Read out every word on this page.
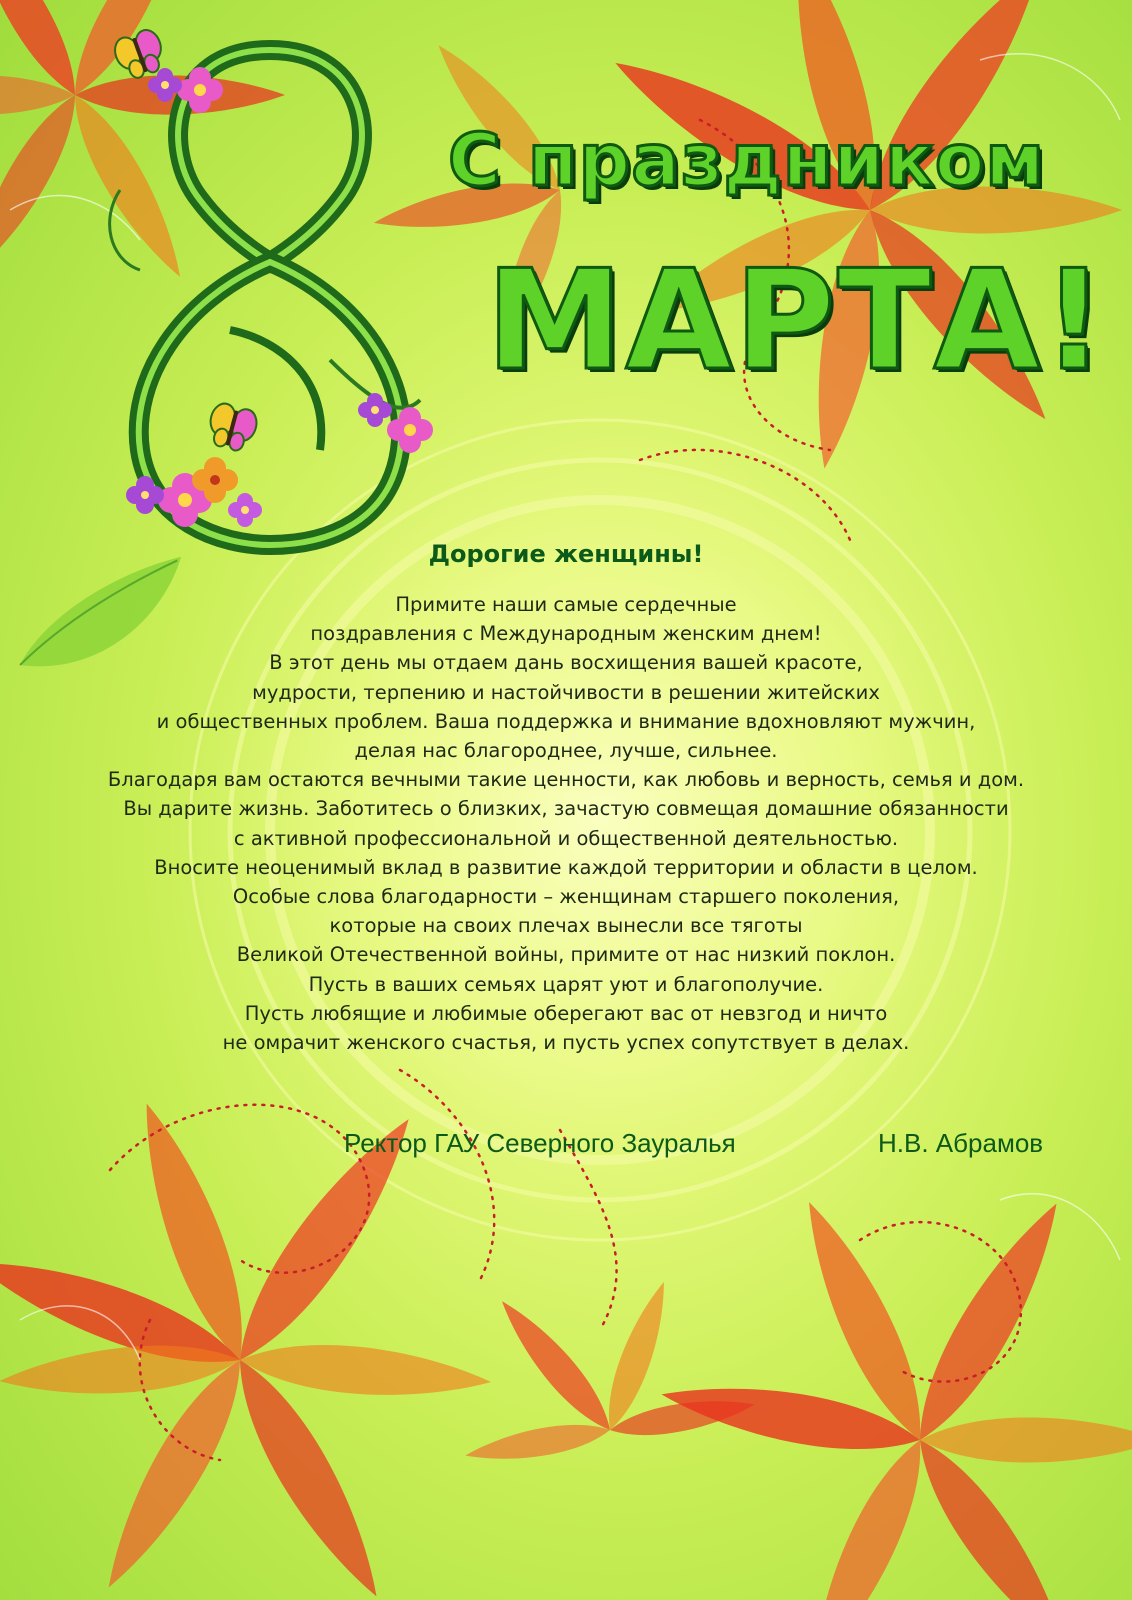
С праздником
МАРТА!
Дорогие женщины!
Примите наши самые сердечные
поздравления с Международным женским днем!
В этот день мы отдаем дань восхищения вашей красоте,
мудрости, терпению и настойчивости в решении житейских
и общественных проблем. Ваша поддержка и внимание вдохновляют мужчин,
делая нас благороднее, лучше, сильнее.
Благодаря вам остаются вечными такие ценности, как любовь и верность, семья и дом.
Вы дарите жизнь. Заботитесь о близких, зачастую совмещая домашние обязанности
с активной профессиональной и общественной деятельностью.
Вносите неоценимый вклад в развитие каждой территории и области в целом.
Особые слова благодарности – женщинам старшего поколения,
которые на своих плечах вынесли все тяготы
Великой Отечественной войны, примите от нас низкий поклон.
Пусть в ваших семьях царят уют и благополучие.
Пусть любящие и любимые оберегают вас от невзгод и ничто
не омрачит женского счастья, и пусть успех сопутствует в делах.
Ректор ГАУ Северного Зауралья	Н.В. Абрамов
